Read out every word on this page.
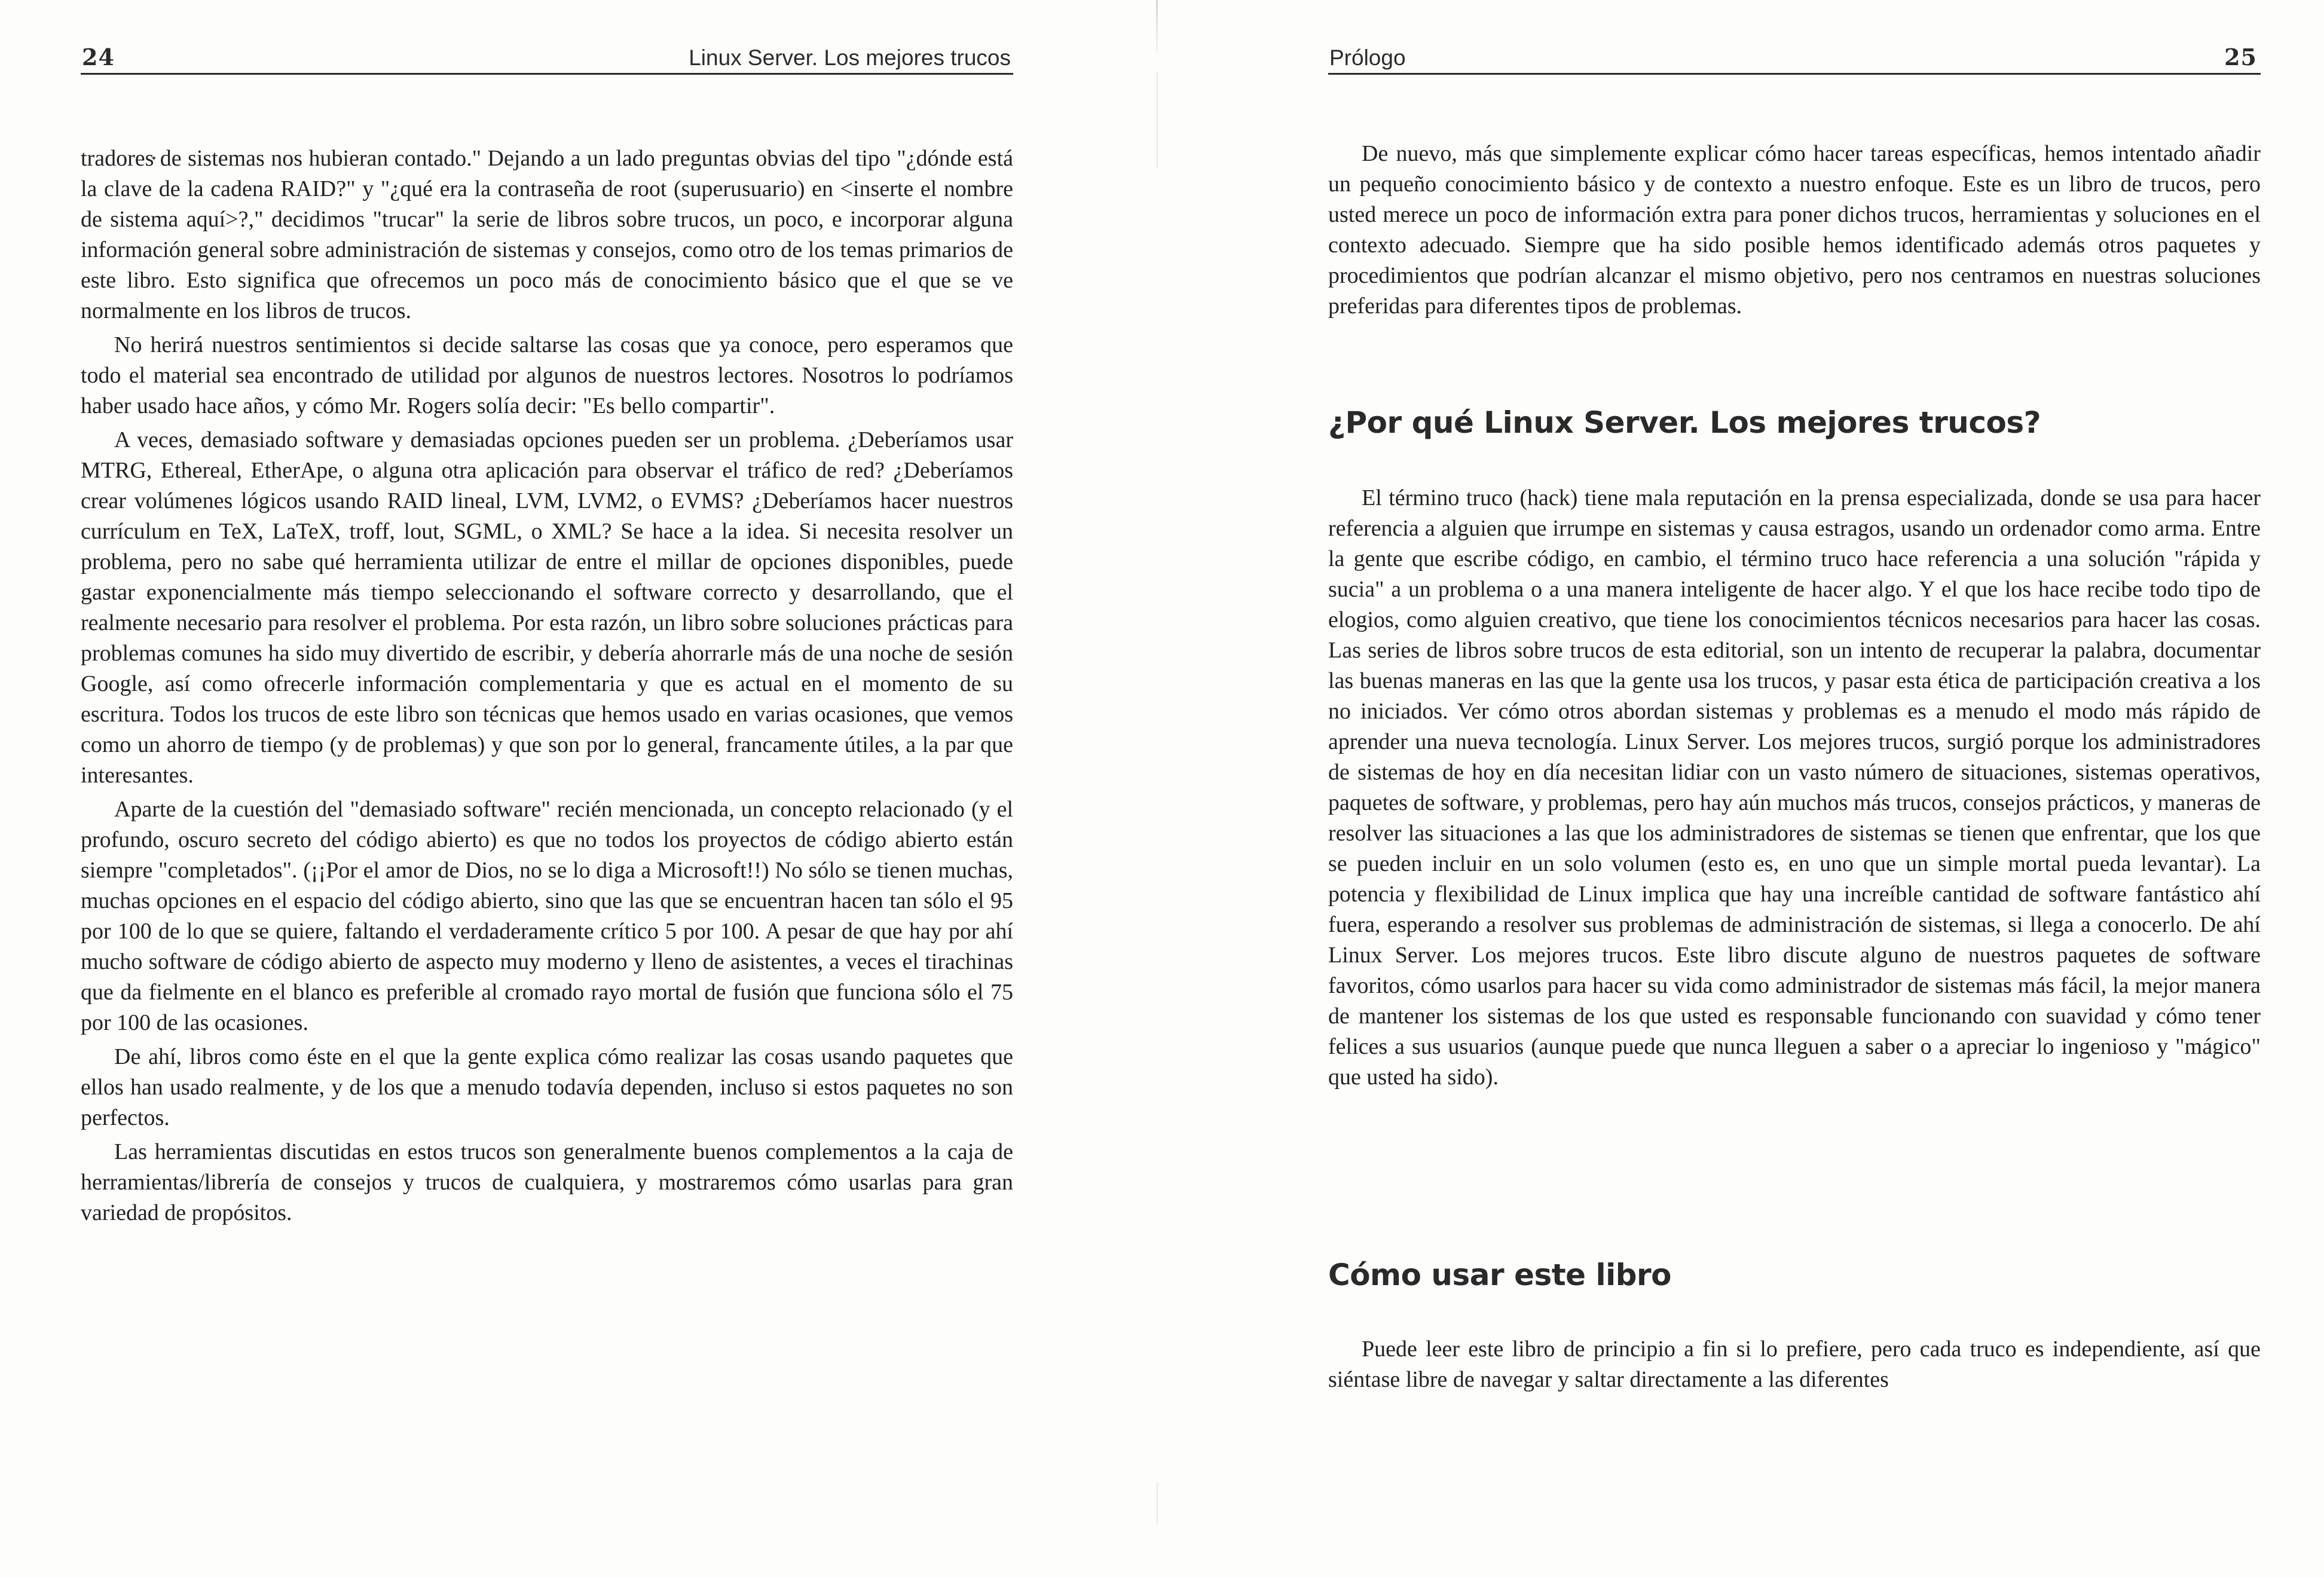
24	Linux Server. Los mejores trucos

tradores de sistemas nos hubieran contado." Dejando a un lado preguntas obvias del tipo "¿dónde está la clave de la cadena RAID?" y "¿qué era la contraseña de root (superusuario) en <inserte el nombre de sistema aquí>?," decidimos "trucar" la serie de libros sobre trucos, un poco, e incorporar alguna información general sobre administración de sistemas y consejos, como otro de los temas primarios de este libro. Esto significa que ofrecemos un poco más de conocimiento básico que el que se ve normalmente en los libros de trucos.

No herirá nuestros sentimientos si decide saltarse las cosas que ya conoce, pero esperamos que todo el material sea encontrado de utilidad por algunos de nuestros lectores. Nosotros lo podríamos haber usado hace años, y cómo Mr. Rogers solía decir: "Es bello compartir".

A veces, demasiado software y demasiadas opciones pueden ser un problema. ¿Deberíamos usar MTRG, Ethereal, EtherApe, o alguna otra aplicación para observar el tráfico de red? ¿Deberíamos crear volúmenes lógicos usando RAID lineal, LVM, LVM2, o EVMS? ¿Deberíamos hacer nuestros currículum en TeX, LaTeX, troff, lout, SGML, o XML? Se hace a la idea. Si necesita resolver un problema, pero no sabe qué herramienta utilizar de entre el millar de opciones disponibles, puede gastar exponencialmente más tiempo seleccionando el software correcto y desarrollando, que el realmente necesario para resolver el problema. Por esta razón, un libro sobre soluciones prácticas para problemas comunes ha sido muy divertido de escribir, y debería ahorrarle más de una noche de sesión Google, así como ofrecerle información complementaria y que es actual en el momento de su escritura. Todos los trucos de este libro son técnicas que hemos usado en varias ocasiones, que vemos como un ahorro de tiempo (y de problemas) y que son por lo general, francamente útiles, a la par que interesantes.

Aparte de la cuestión del "demasiado software" recién mencionada, un concepto relacionado (y el profundo, oscuro secreto del código abierto) es que no todos los proyectos de código abierto están siempre "completados". (¡¡Por el amor de Dios, no se lo diga a Microsoft!!) No sólo se tienen muchas, muchas opciones en el espacio del código abierto, sino que las que se encuentran hacen tan sólo el 95 por 100 de lo que se quiere, faltando el verdaderamente crítico 5 por 100. A pesar de que hay por ahí mucho software de código abierto de aspecto muy moderno y lleno de asistentes, a veces el tirachinas que da fielmente en el blanco es preferible al cromado rayo mortal de fusión que funciona sólo el 75 por 100 de las ocasiones.

De ahí, libros como éste en el que la gente explica cómo realizar las cosas usando paquetes que ellos han usado realmente, y de los que a menudo todavía dependen, incluso si estos paquetes no son perfectos.

Las herramientas discutidas en estos trucos son generalmente buenos complementos a la caja de herramientas/librería de consejos y trucos de cualquiera, y mostraremos cómo usarlas para gran variedad de propósitos.

Prólogo	25

De nuevo, más que simplemente explicar cómo hacer tareas específicas, hemos intentado añadir un pequeño conocimiento básico y de contexto a nuestro enfoque. Este es un libro de trucos, pero usted merece un poco de información extra para poner dichos trucos, herramientas y soluciones en el contexto adecuado. Siempre que ha sido posible hemos identificado además otros paquetes y procedimientos que podrían alcanzar el mismo objetivo, pero nos centramos en nuestras soluciones preferidas para diferentes tipos de problemas.

¿Por qué Linux Server. Los mejores trucos?

El término truco (hack) tiene mala reputación en la prensa especializada, donde se usa para hacer referencia a alguien que irrumpe en sistemas y causa estragos, usando un ordenador como arma. Entre la gente que escribe código, en cambio, el término truco hace referencia a una solución "rápida y sucia" a un problema o a una manera inteligente de hacer algo. Y el que los hace recibe todo tipo de elogios, como alguien creativo, que tiene los conocimientos técnicos necesarios para hacer las cosas. Las series de libros sobre trucos de esta editorial, son un intento de recuperar la palabra, documentar las buenas maneras en las que la gente usa los trucos, y pasar esta ética de participación creativa a los no iniciados. Ver cómo otros abordan sistemas y problemas es a menudo el modo más rápido de aprender una nueva tecnología. Linux Server. Los mejores trucos, surgió porque los administradores de sistemas de hoy en día necesitan lidiar con un vasto número de situaciones, sistemas operativos, paquetes de software, y problemas, pero hay aún muchos más trucos, consejos prácticos, y maneras de resolver las situaciones a las que los administradores de sistemas se tienen que enfrentar, que los que se pueden incluir en un solo volumen (esto es, en uno que un simple mortal pueda levantar). La potencia y flexibilidad de Linux implica que hay una increíble cantidad de software fantástico ahí fuera, esperando a resolver sus problemas de administración de sistemas, si llega a conocerlo. De ahí Linux Server. Los mejores trucos. Este libro discute alguno de nuestros paquetes de software favoritos, cómo usarlos para hacer su vida como administrador de sistemas más fácil, la mejor manera de mantener los sistemas de los que usted es responsable funcionando con suavidad y cómo tener felices a sus usuarios (aunque puede que nunca lleguen a saber o a apreciar lo ingenioso y "mágico" que usted ha sido).

Cómo usar este libro

Puede leer este libro de principio a fin si lo prefiere, pero cada truco es independiente, así que siéntase libre de navegar y saltar directamente a las diferentes
